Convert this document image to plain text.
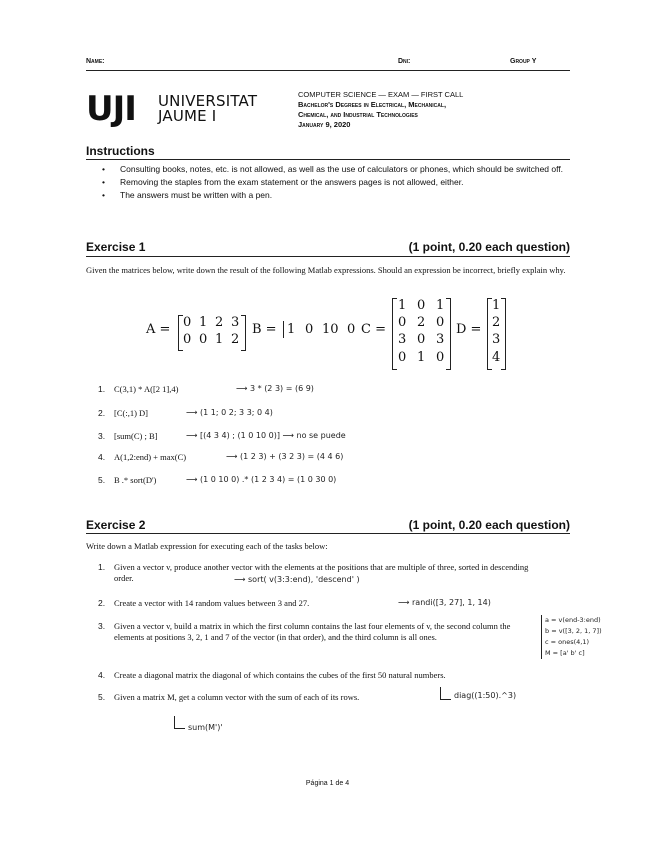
Name:	Dni:	Group Y
UJI UNIVERSITAT
JAUME I
COMPUTER SCIENCE — EXAM — FIRST CALL
Bachelor's Degrees in Electrical, Mechanical,
Chemical, and Industrial Technologies
January 9, 2020
Instructions
• Consulting books, notes, etc. is not allowed, as well as the use of calculators or phones, which should be switched off.
• Removing the staples from the exam statement or the answers pages is not allowed, either.
• The answers must be written with a pen.
Exercise 1	(1 point, 0.20 each question)
Given the matrices below, write down the result of the following Matlab expressions. Should an expression be incorrect, briefly explain why.
A = 0 1 2 3
0 0 1 2
B = 1 0 10 0 C =
1 0 1
0 2 0
3 0 3
0 1 0
D =
1
2
3
4
1. C(3,1) * A([2 1],4)	⟶ 3 * (2 3) = (6 9)
2. [C(:,1) D]	⟶ (1 1; 0 2; 3 3; 0 4)
3. [sum(C) ; B]	⟶ [(4 3 4) ; (1 0 10 0)] ⟶ no se puede
4. A(1,2:end) + max(C)	⟶ (1 2 3) + (3 2 3) = (4 4 6)
5. B .* sort(D')	⟶ (1 0 10 0) .* (1 2 3 4) = (1 0 30 0)
Exercise 2	(1 point, 0.20 each question)
Write down a Matlab expression for executing each of the tasks below:
1. Given a vector v, produce another vector with the elements at the positions that are multiple of three, sorted in descending order.	⟶ sort( v(3:3:end), 'descend' )
2. Create a vector with 14 random values between 3 and 27.	⟶ randi([3, 27], 1, 14)
3. Given a vector v, build a matrix in which the first column contains the last four elements of v, the second column the elements at positions 3, 2, 1 and 7 of the vector (in that order), and the third column is all ones.
a = v(end-3:end)
b = v([3, 2, 1, 7])
c = ones(4,1)
M = [a' b' c]
4. Create a diagonal matrix the diagonal of which contains the cubes of the first 50 natural numbers.
5. Given a matrix M, get a column vector with the sum of each of its rows.	diag((1:50).^3)
sum(M')'
Página 1 de 4
